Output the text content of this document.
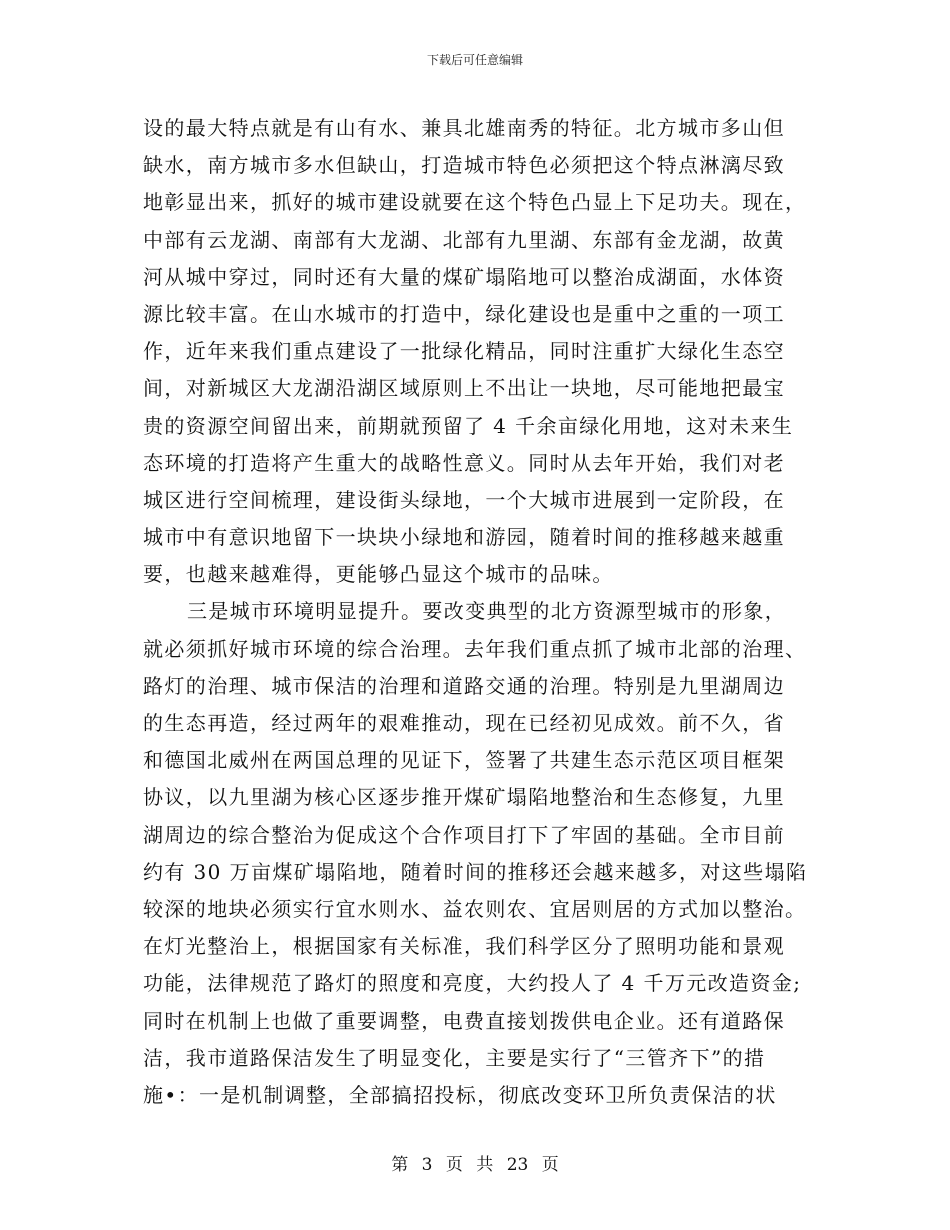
下载后可任意编辑

设的最大特点就是有山有水、兼具北雄南秀的特征。北方城市多山但
缺水，南方城市多水但缺山，打造城市特色必须把这个特点淋漓尽致
地彰显出来，抓好的城市建设就要在这个特色凸显上下足功夫。现在，
中部有云龙湖、南部有大龙湖、北部有九里湖、东部有金龙湖，故黄
河从城中穿过，同时还有大量的煤矿塌陷地可以整治成湖面，水体资
源比较丰富。在山水城市的打造中，绿化建设也是重中之重的一项工
作，近年来我们重点建设了一批绿化精品，同时注重扩大绿化生态空
间，对新城区大龙湖沿湖区域原则上不出让一块地，尽可能地把最宝
贵的资源空间留出来，前期就预留了 4 千余亩绿化用地，这对未来生
态环境的打造将产生重大的战略性意义。同时从去年开始，我们对老
城区进行空间梳理，建设街头绿地，一个大城市进展到一定阶段，在
城市中有意识地留下一块块小绿地和游园，随着时间的推移越来越重
要，也越来越难得，更能够凸显这个城市的品味。

三是城市环境明显提升。要改变典型的北方资源型城市的形象，
就必须抓好城市环境的综合治理。去年我们重点抓了城市北部的治理、
路灯的治理、城市保洁的治理和道路交通的治理。特别是九里湖周边
的生态再造，经过两年的艰难推动，现在已经初见成效。前不久，省
和德国北威州在两国总理的见证下，签署了共建生态示范区项目框架
协议，以九里湖为核心区逐步推开煤矿塌陷地整治和生态修复，九里
湖周边的综合整治为促成这个合作项目打下了牢固的基础。全市目前
约有 30 万亩煤矿塌陷地，随着时间的推移还会越来越多，对这些塌陷
较深的地块必须实行宜水则水、益农则农、宜居则居的方式加以整治。
在灯光整治上，根据国家有关标准，我们科学区分了照明功能和景观
功能，法律规范了路灯的照度和亮度，大约投人了 4 千万元改造资金;
同时在机制上也做了重要调整，电费直接划拨供电企业。还有道路保
洁，我市道路保洁发生了明显变化，主要是实行了“三管齐下”的措
施•：一是机制调整，全部搞招投标，彻底改变环卫所负责保洁的状

第 3 页 共 23 页
